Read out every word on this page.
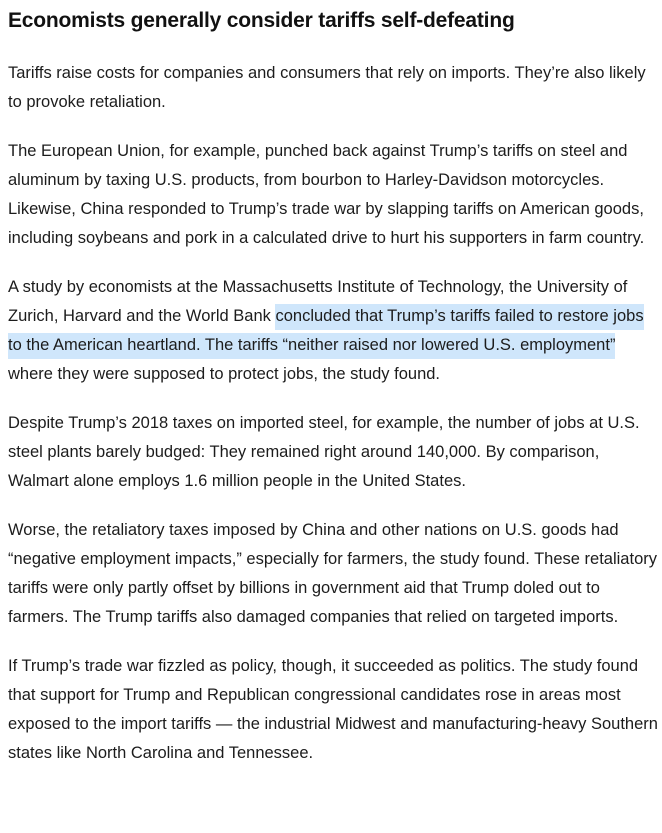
Economists generally consider tariffs self-defeating

Tariffs raise costs for companies and consumers that rely on imports. They’re also likely to provoke retaliation.

The European Union, for example, punched back against Trump’s tariffs on steel and aluminum by taxing U.S. products, from bourbon to Harley-Davidson motorcycles. Likewise, China responded to Trump’s trade war by slapping tariffs on American goods, including soybeans and pork in a calculated drive to hurt his supporters in farm country.

A study by economists at the Massachusetts Institute of Technology, the University of Zurich, Harvard and the World Bank concluded that Trump’s tariffs failed to restore jobs to the American heartland. The tariffs “neither raised nor lowered U.S. employment” where they were supposed to protect jobs, the study found.

Despite Trump’s 2018 taxes on imported steel, for example, the number of jobs at U.S. steel plants barely budged: They remained right around 140,000. By comparison, Walmart alone employs 1.6 million people in the United States.

Worse, the retaliatory taxes imposed by China and other nations on U.S. goods had “negative employment impacts,” especially for farmers, the study found. These retaliatory tariffs were only partly offset by billions in government aid that Trump doled out to farmers. The Trump tariffs also damaged companies that relied on targeted imports.

If Trump’s trade war fizzled as policy, though, it succeeded as politics. The study found that support for Trump and Republican congressional candidates rose in areas most exposed to the import tariffs — the industrial Midwest and manufacturing-heavy Southern states like North Carolina and Tennessee.
